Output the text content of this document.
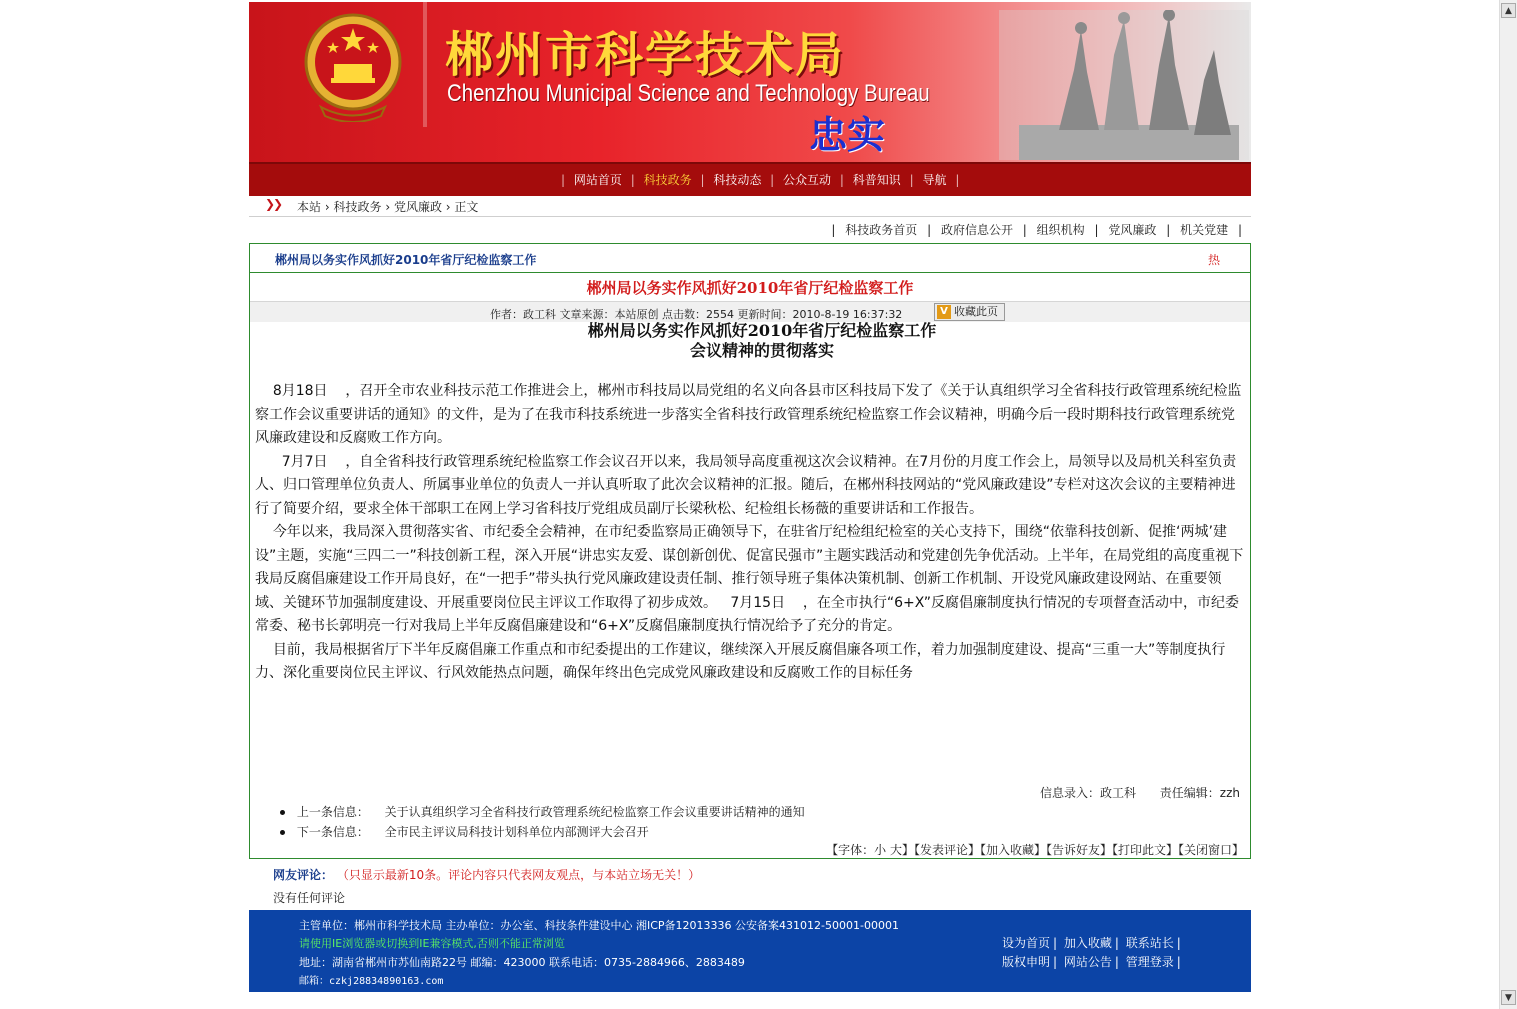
▲
▼
郴州市科学技术局
Chenzhou Municipal Science and Technology Bureau
忠实
| 网站首页 | 科技政务 | 科技动态 | 公众互动 | 科普知识 | 导航 |
❯❯ 本站 › 科技政务 › 党风廉政 › 正文
| 科技政务首页 | 政府信息公开 | 组织机构 | 党风廉政 | 机关党建 |
郴州局以务实作风抓好2010年省厅纪检监察工作	热
郴州局以务实作风抓好2010年省厅纪检监察工作
作者：政工科 文章来源：本站原创 点击数：2554 更新时间：2010-8-19 16:37:32	V 收藏此页
郴州局以务实作风抓好2010年省厅纪检监察工作
会议精神的贯彻落实

8月18日    ，召开全市农业科技示范工作推进会上，郴州市科技局以局党组的名义向各县市区科技局下发了《关于认真组织学习全省科技行政管理系统纪检监察工作会议重要讲话的通知》的文件，是为了在我市科技系统进一步落实全省科技行政管理系统纪检监察工作会议精神，明确今后一段时期科技行政管理系统党风廉政建设和反腐败工作方向。

7月7日    ，自全省科技行政管理系统纪检监察工作会议召开以来，我局领导高度重视这次会议精神。在7月份的月度工作会上，局领导以及局机关科室负责人、归口管理单位负责人、所属事业单位的负责人一并认真听取了此次会议精神的汇报。随后，在郴州科技网站的“党风廉政建设”专栏对这次会议的主要精神进行了简要介绍，要求全体干部职工在网上学习省科技厅党组成员副厅长梁秋松、纪检组长杨薇的重要讲话和工作报告。

今年以来，我局深入贯彻落实省、市纪委全会精神，在市纪委监察局正确领导下，在驻省厅纪检组纪检室的关心支持下，围绕“依靠科技创新、促推‘两城’建设”主题，实施“三四二一”科技创新工程，深入开展“讲忠实友爱、谋创新创优、促富民强市”主题实践活动和党建创先争优活动。上半年，在局党组的高度重视下我局反腐倡廉建设工作开局良好，在“一把手”带头执行党风廉政建设责任制、推行领导班子集体决策机制、创新工作机制、开设党风廉政建设网站、在重要领域、关键环节加强制度建设、开展重要岗位民主评议工作取得了初步成效。   7月15日    ，在全市执行“6+X”反腐倡廉制度执行情况的专项督查活动中，市纪委常委、秘书长郭明亮一行对我局上半年反腐倡廉建设和“6+X”反腐倡廉制度执行情况给予了充分的肯定。

目前，我局根据省厅下半年反腐倡廉工作重点和市纪委提出的工作建议，继续深入开展反腐倡廉各项工作，着力加强制度建设、提高“三重一大”等制度执行力、深化重要岗位民主评议、行风效能热点问题，确保年终出色完成党风廉政建设和反腐败工作的目标任务

信息录入：政工科 责任编辑：zzh
上一条信息： 关于认真组织学习全省科技行政管理系统纪检监察工作会议重要讲话精神的通知
下一条信息： 全市民主评议局科技计划科单位内部测评大会召开
【字体：小 大】【发表评论】【加入收藏】【告诉好友】【打印此文】【关闭窗口】
网友评论： （只显示最新10条。评论内容只代表网友观点，与本站立场无关！）
没有任何评论
主管单位：郴州市科学技术局 主办单位：办公室、科技条件建设中心 湘ICP备12013336 公安备案431012-50001-00001
请使用IE浏览器或切换到IE兼容模式,否则不能正常浏览
地址：湖南省郴州市苏仙南路22号 邮编：423000 联系电话：0735-2884966、2883489
邮箱：czkj28834890163.com
设为首页 | 加入收藏 | 联系站长 |
版权申明 | 网站公告 | 管理登录 |
